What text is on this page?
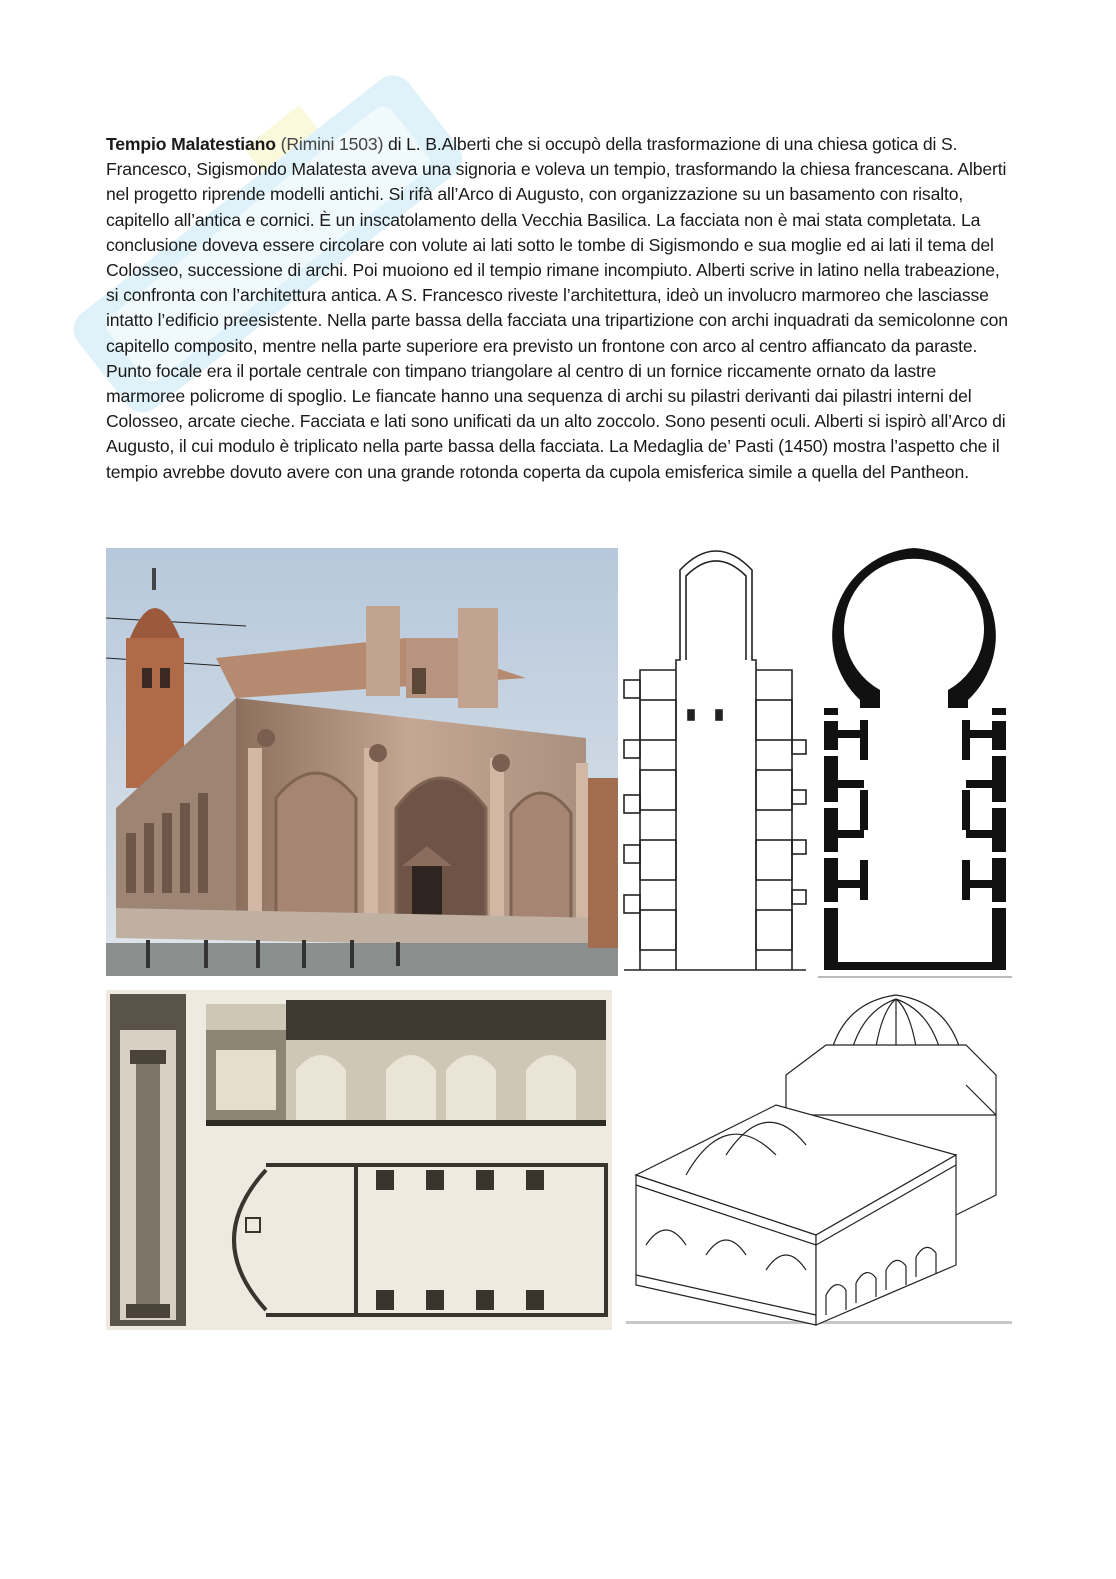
Tempio Malatestiano (Rimini 1503) di L. B.Alberti che si occupò della trasformazione di una chiesa gotica di S. Francesco, Sigismondo Malatesta aveva una signoria e voleva un tempio, trasformando la chiesa francescana. Alberti nel progetto riprende modelli antichi. Si rifà all’Arco di Augusto, con organizzazione su un basamento con risalto, capitello all’antica e cornici. È un inscatolamento della Vecchia Basilica. La facciata non è mai stata completata. La conclusione doveva essere circolare con volute ai lati sotto le tombe di Sigismondo e sua moglie ed ai lati il tema del Colosseo, successione di archi. Poi muoiono ed il tempio rimane incompiuto. Alberti scrive in latino nella trabeazione, si confronta con l’architettura antica. A S. Francesco riveste l’architettura, ideò un involucro marmoreo che lasciasse intatto l’edificio preesistente. Nella parte bassa della facciata una tripartizione con archi inquadrati da semicolonne con capitello composito, mentre nella parte superiore era previsto un frontone con arco al centro affiancato da paraste. Punto focale era il portale centrale con timpano triangolare al centro di un fornice riccamente ornato da lastre marmoree policrome di spoglio. Le fiancate hanno una sequenza di archi su pilastri derivanti dai pilastri interni del Colosseo, arcate cieche. Facciata e lati sono unificati da un alto zoccolo. Sono pesenti oculi. Alberti si ispirò all’Arco di Augusto, il cui modulo è triplicato nella parte bassa della facciata. La Medaglia de’ Pasti (1450) mostra l’aspetto che il tempio avrebbe dovuto avere con una grande rotonda coperta da cupola emisferica simile a quella del Pantheon.
